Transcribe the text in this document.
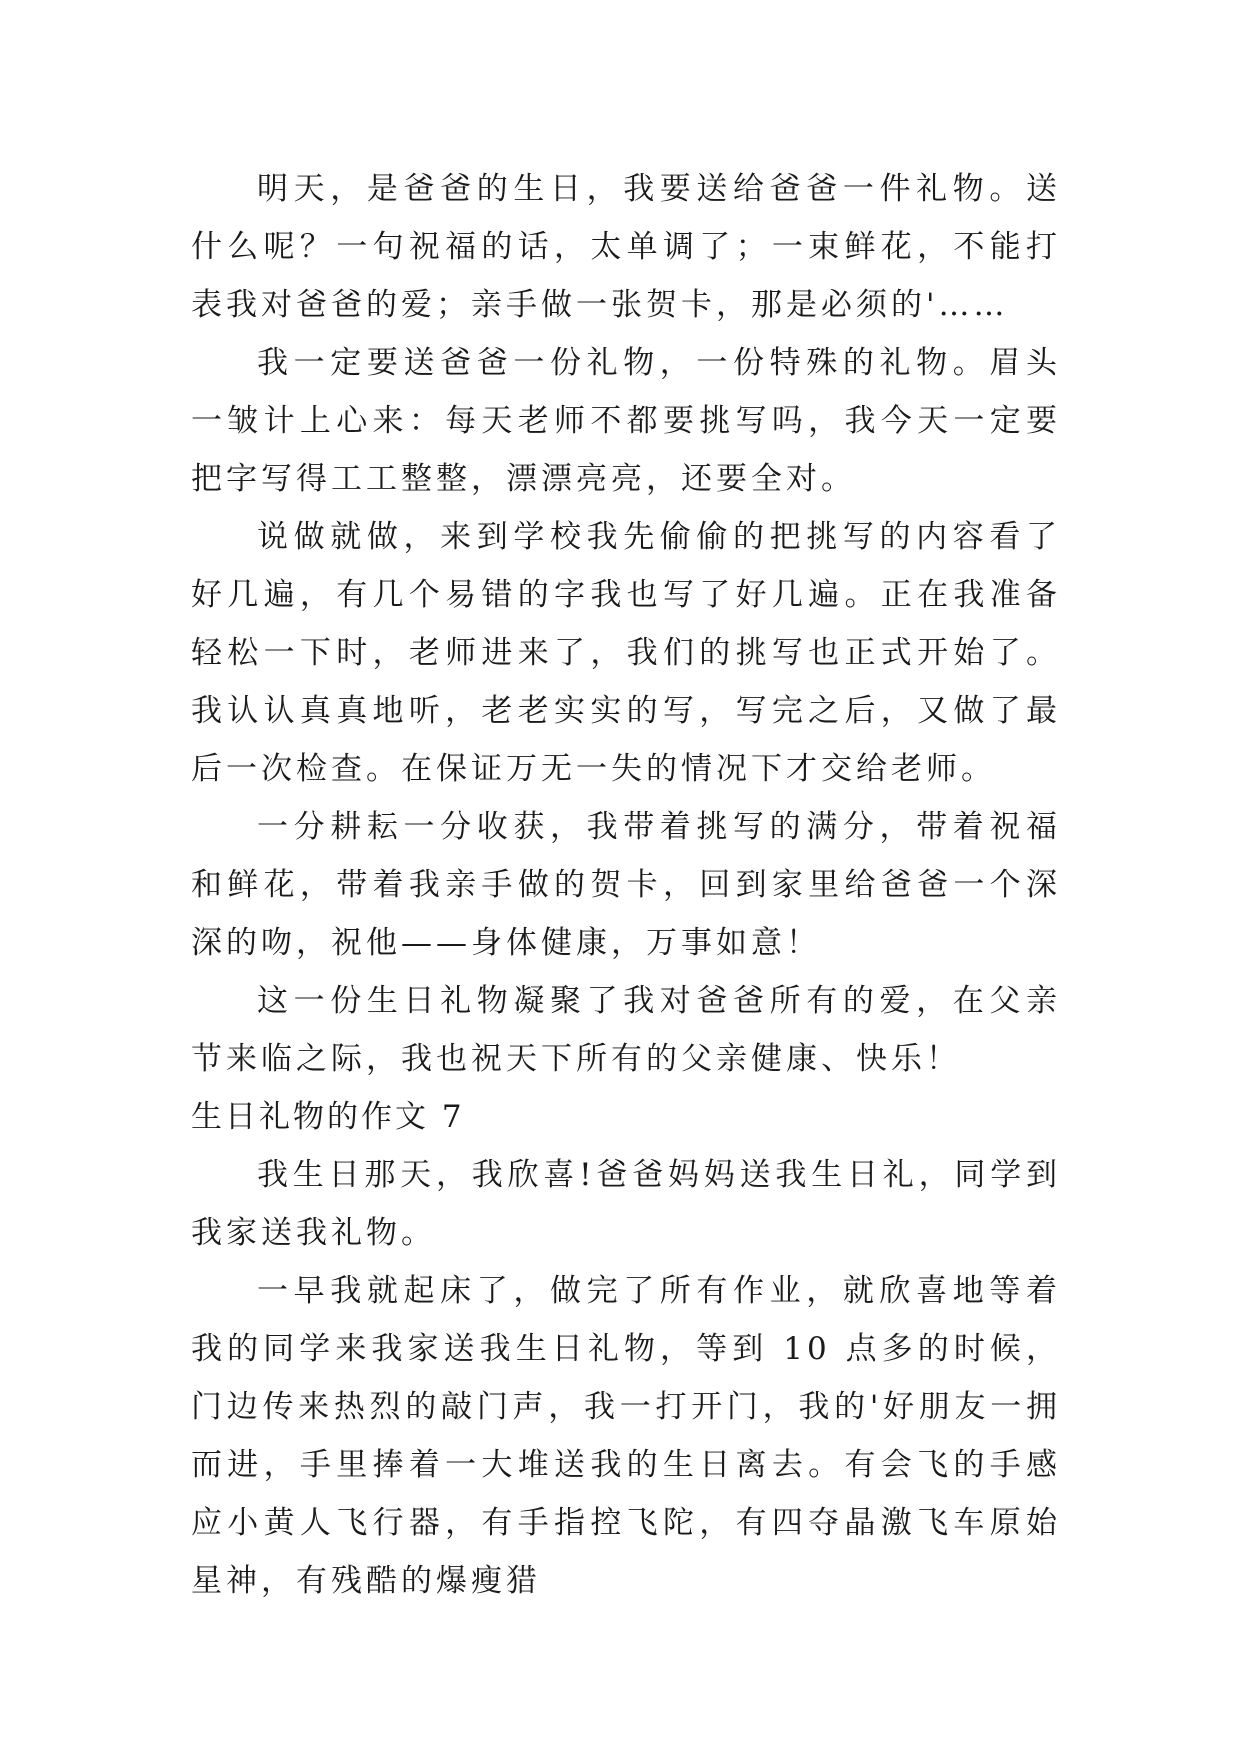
明天，是爸爸的生日，我要送给爸爸一件礼物。送什么呢？一句祝福的话，太单调了；一束鲜花，不能打表我对爸爸的爱；亲手做一张贺卡，那是必须的'……

我一定要送爸爸一份礼物，一份特殊的礼物。眉头一皱计上心来：每天老师不都要挑写吗，我今天一定要把字写得工工整整，漂漂亮亮，还要全对。

说做就做，来到学校我先偷偷的把挑写的内容看了好几遍，有几个易错的字我也写了好几遍。正在我准备轻松一下时，老师进来了，我们的挑写也正式开始了。我认认真真地听，老老实实的写，写完之后，又做了最后一次检查。在保证万无一失的情况下才交给老师。

一分耕耘一分收获，我带着挑写的满分，带着祝福和鲜花，带着我亲手做的贺卡，回到家里给爸爸一个深深的吻，祝他——身体健康，万事如意！

这一份生日礼物凝聚了我对爸爸所有的爱，在父亲节来临之际，我也祝天下所有的父亲健康、快乐！

生日礼物的作文 7

我生日那天，我欣喜!爸爸妈妈送我生日礼，同学到我家送我礼物。

一早我就起床了，做完了所有作业，就欣喜地等着我的同学来我家送我生日礼物，等到 10 点多的时候，门边传来热烈的敲门声，我一打开门，我的'好朋友一拥而进，手里捧着一大堆送我的生日离去。有会飞的手感应小黄人飞行器，有手指控飞陀，有四夺晶激飞车原始星神，有残酷的爆瘦猎
